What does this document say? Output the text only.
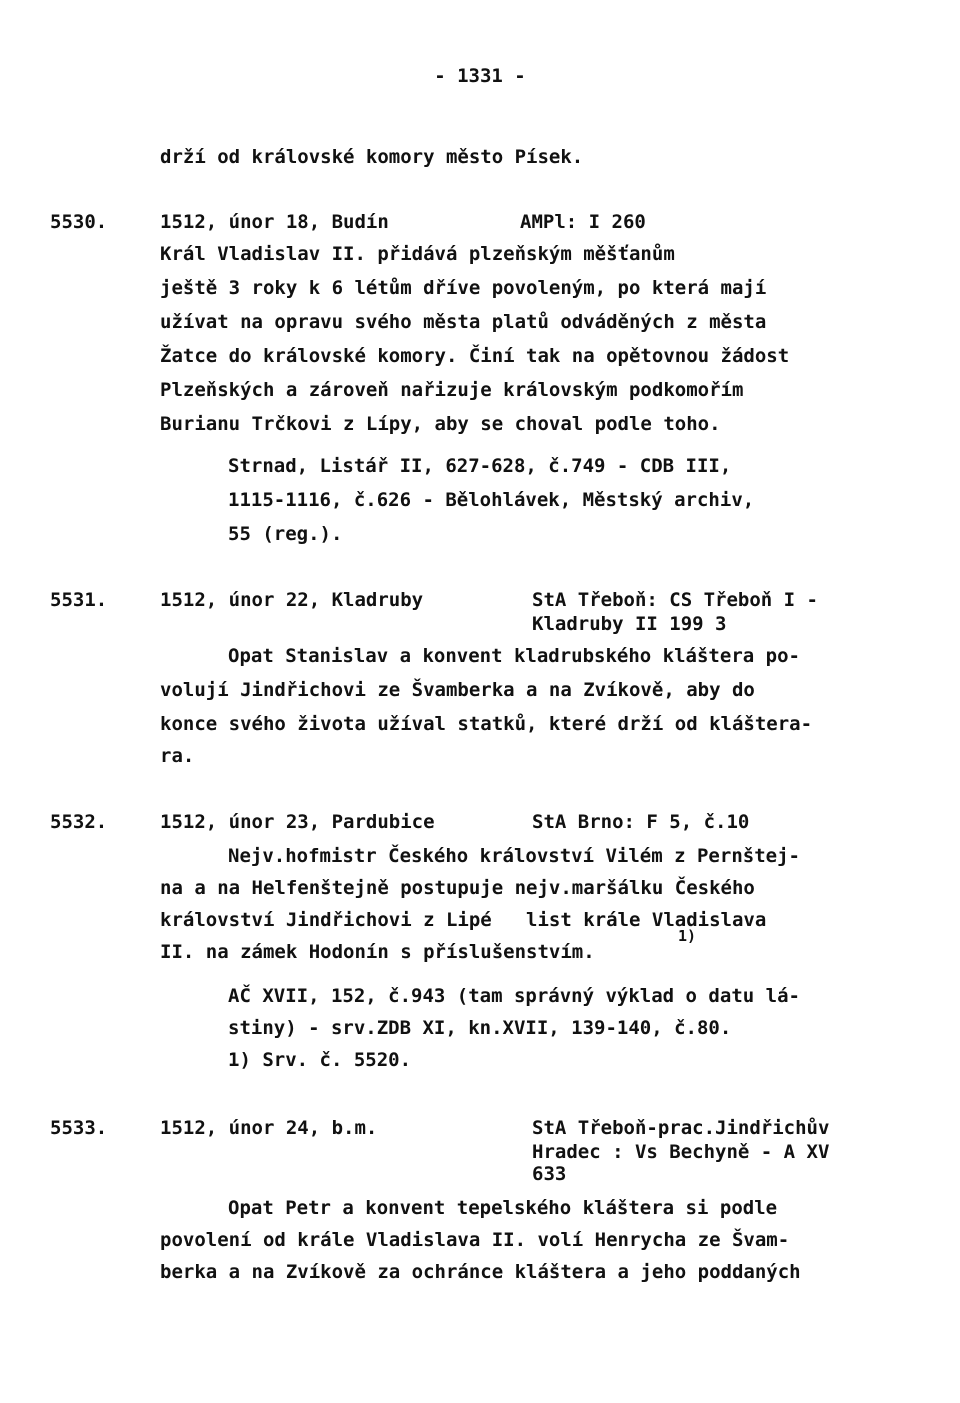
- 1331 -
drží od královské komory město Písek.
5530.	1512, únor 18, Budín	AMPl: I 260
Král Vladislav II. přidává plzeňským měšťanům
ještě 3 roky k 6 létům dříve povoleným, po která mají
užívat na opravu svého města platů odváděných z města
Žatce do královské komory. Činí tak na opětovnou žádost
Plzeňských a zároveň nařizuje královským podkomořím
Burianu Trčkovi z Lípy, aby se choval podle toho.
Strnad, Listář II, 627-628, č.749 - CDB III,
1115-1116, č.626 - Bělohlávek, Městský archiv,
55 (reg.).
5531.	1512, únor 22, Kladruby	StA Třeboň: CS Třeboň I -
Kladruby II 199 3
Opat Stanislav a konvent kladrubského kláštera po-
volují Jindřichovi ze Švamberka a na Zvíkově, aby do
konce svého života užíval statků, které drží od kláštera-
ra.
5532.	1512, únor 23, Pardubice	StA Brno: F 5, č.10
Nejv.hofmistr Českého království Vilém z Pernštej-
na a na Helfenštejně postupuje nejv.maršálku Českého
království Jindřichovi z Lipé   list krále Vladislava
II. na zámek Hodonín s příslušenstvím.
1)
AČ XVII, 152, č.943 (tam správný výklad o datu lá-
stiny) - srv.ZDB XI, kn.XVII, 139-140, č.80.
1) Srv. č. 5520.
5533.	1512, únor 24, b.m.	StA Třeboň-prac.Jindřichův
Hradec : Vs Bechyně - A XV
633
Opat Petr a konvent tepelského kláštera si podle
povolení od krále Vladislava II. volí Henrycha ze Švam-
berka a na Zvíkově za ochránce kláštera a jeho poddaných
